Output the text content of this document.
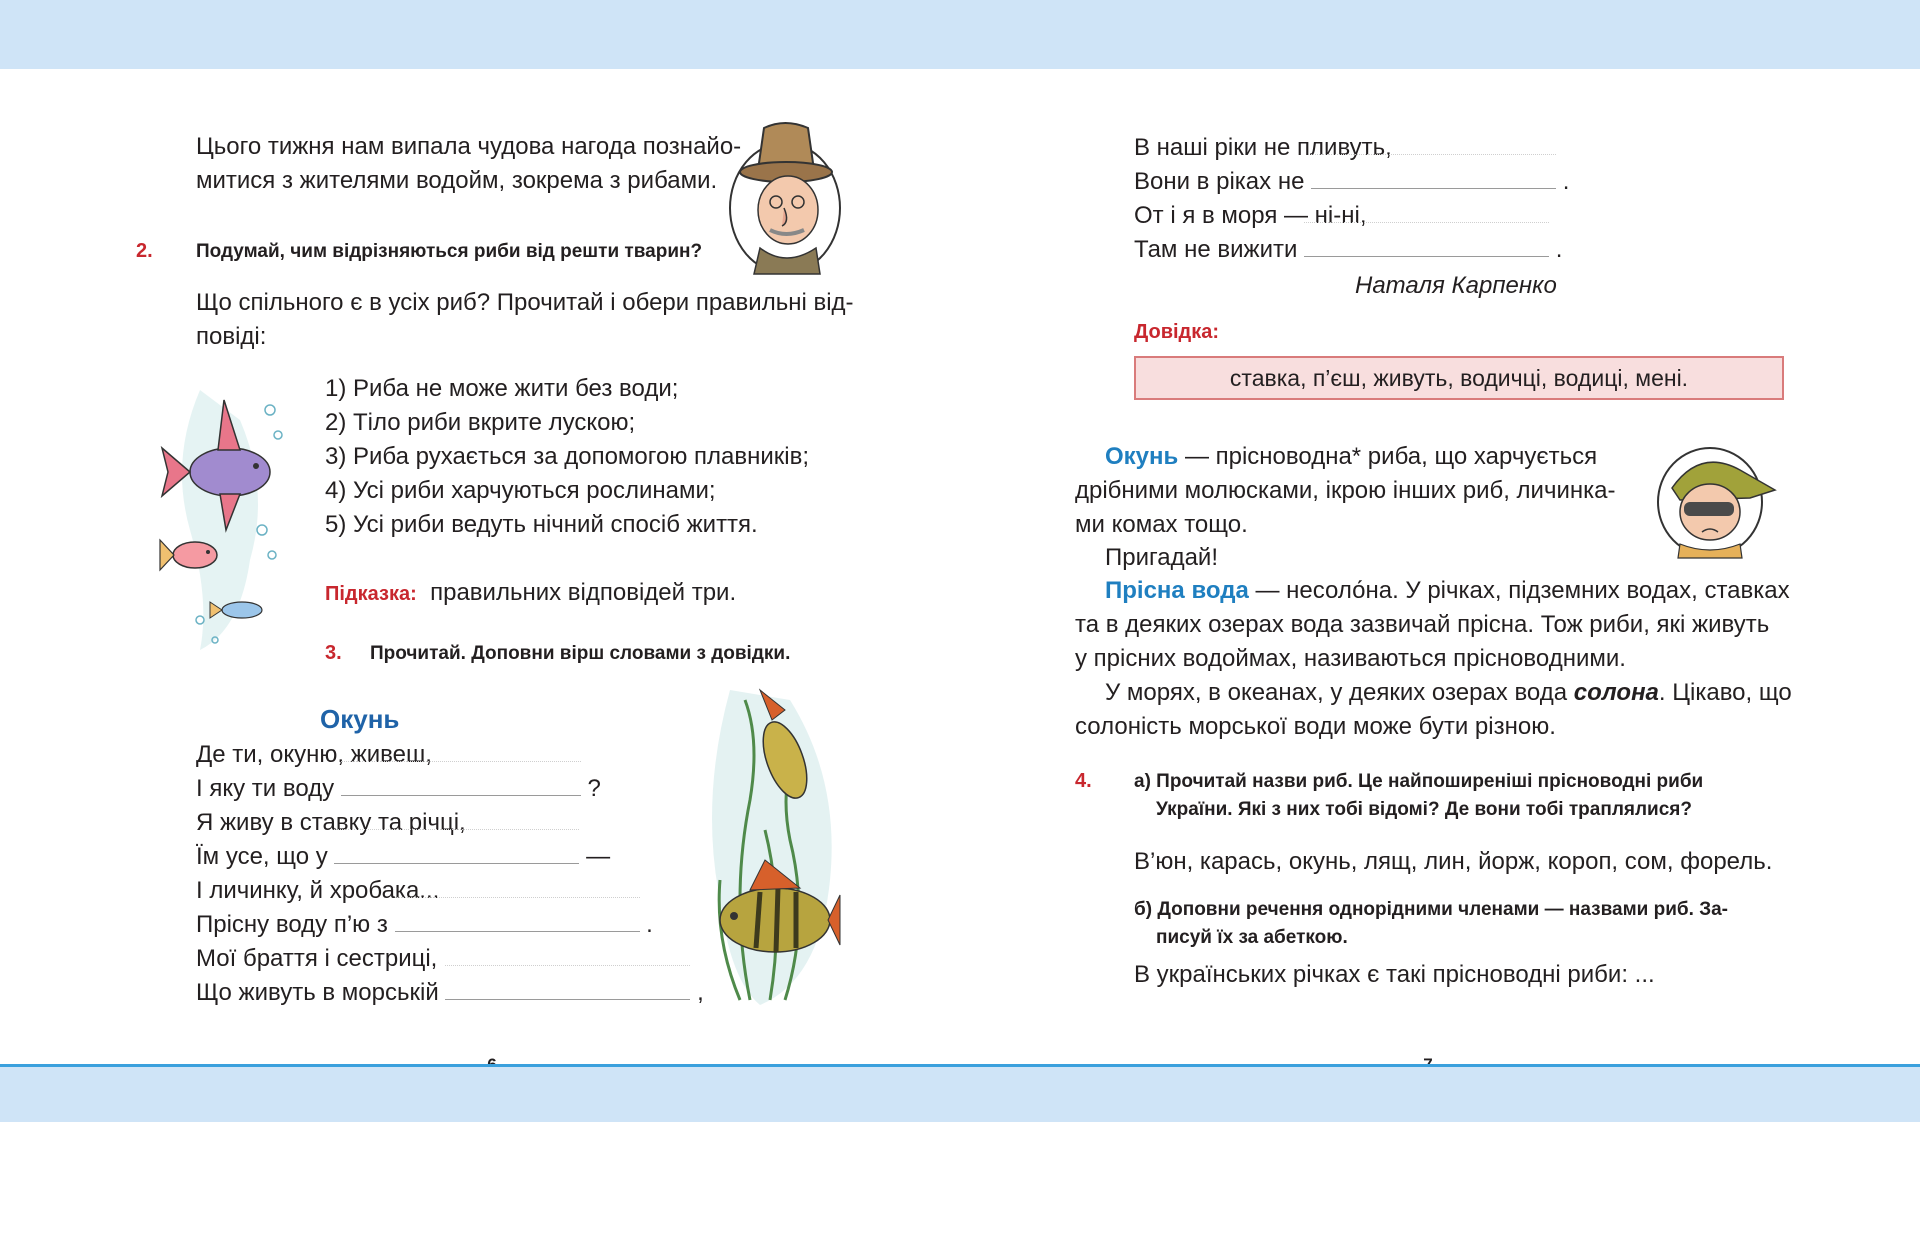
Цього тижня нам випала чудова нагода познайо-
митися з жителями водойм, зокрема з рибами.
2. Подумай, чим відрізняються риби від решти тварин?
Що спільного є в усіх риб? Прочитай і обери правильні від-
повіді:
1) Риба не може жити без води;
2) Тіло риби вкрите лускою;
3) Риба рухається за допомогою плавників;
4) Усі риби харчуються рослинами;
5) Усі риби ведуть нічний спосіб життя.
Підказка: правильних відповідей три.
3. Прочитай. Доповни вірш словами з довідки.
Окунь
Де ти, окуню, живеш,
І яку ти воду	?
Я живу в ставку та річці,
Їм усе, що у	—
І личинку, й хробака...
Прісну воду п’ю з	.
Мої браття і сестриці,
Що живуть в морській	,
В наші ріки не пливуть,
Вони в ріках не	.
От і я в моря — ні-ні,
Там не вижити	.
Наталя Карпенко
Довідка:
ставка, п’єш, живуть, водичці, водиці, мені.
Окунь — прісноводна* риба, що харчується
дрібними молюсками, ікрою інших риб, личинка-
ми комах тощо.
Пригадай!
Прісна вода — несоло́на. У річках, підземних водах, ставках
та в деяких озерах вода зазвичай прісна. Тож риби, які живуть
у прісних водоймах, називаються прісноводними.
У морях, в океанах, у деяких озерах вода солона. Цікаво, що
солоність морської води може бути різною.
4. а) Прочитай назви риб. Це найпоширеніші прісноводні риби
України. Які з них тобі відомі? Де вони тобі траплялися?
В’юн, карась, окунь, лящ, лин, йорж, короп, сом, форель.
б) Доповни речення однорідними членами — назвами риб. За-
писуй їх за абеткою.
В українських річках є такі прісноводні риби: ...
